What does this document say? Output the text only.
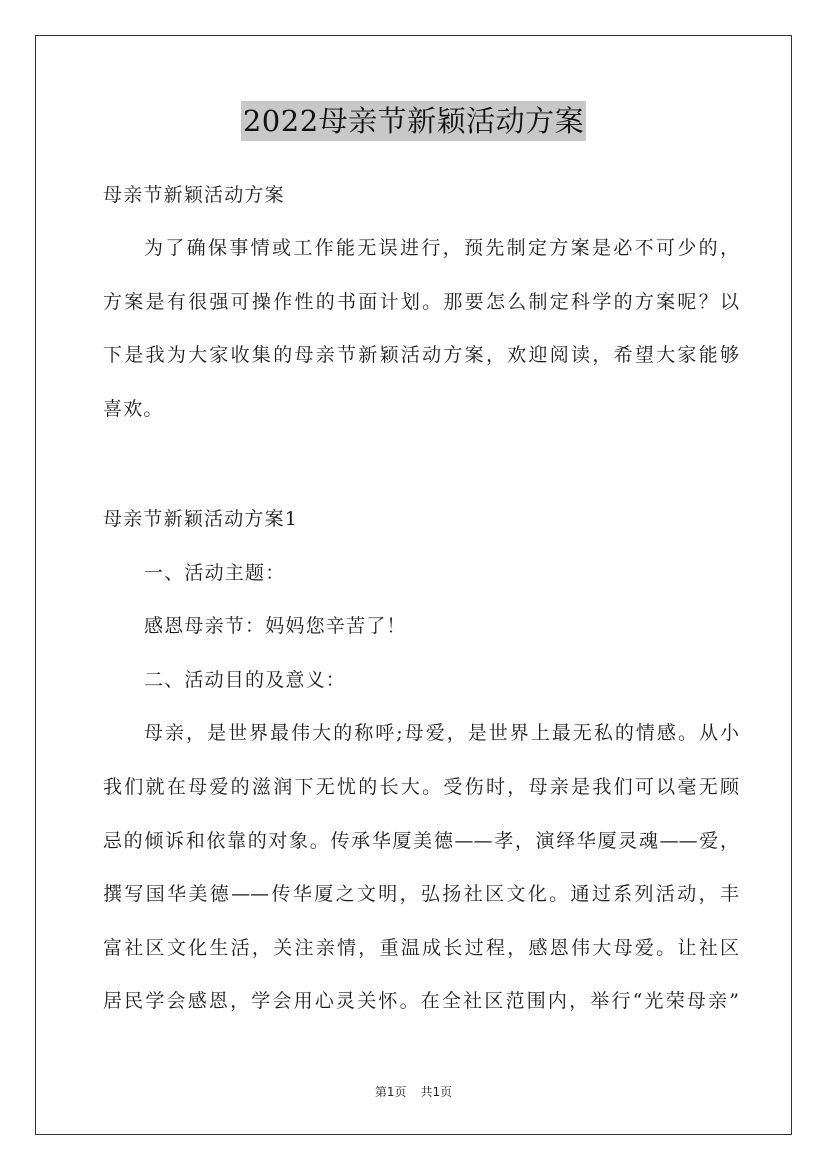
2022母亲节新颖活动方案
母亲节新颖活动方案
为了确保事情或工作能无误进行，预先制定方案是必不可少的，
方案是有很强可操作性的书面计划。那要怎么制定科学的方案呢？以
下是我为大家收集的母亲节新颖活动方案，欢迎阅读，希望大家能够
喜欢。
母亲节新颖活动方案1
一、活动主题：
感恩母亲节：妈妈您辛苦了！
二、活动目的及意义：
母亲，是世界最伟大的称呼;母爱，是世界上最无私的情感。从小
我们就在母爱的滋润下无忧的长大。受伤时，母亲是我们可以毫无顾
忌的倾诉和依靠的对象。传承华厦美德——孝，演绎华厦灵魂——爱，
撰写国华美德——传华厦之文明，弘扬社区文化。通过系列活动，丰
富社区文化生活，关注亲情，重温成长过程，感恩伟大母爱。让社区
居民学会感恩，学会用心灵关怀。在全社区范围内，举行“光荣母亲”
第1页 共1页
